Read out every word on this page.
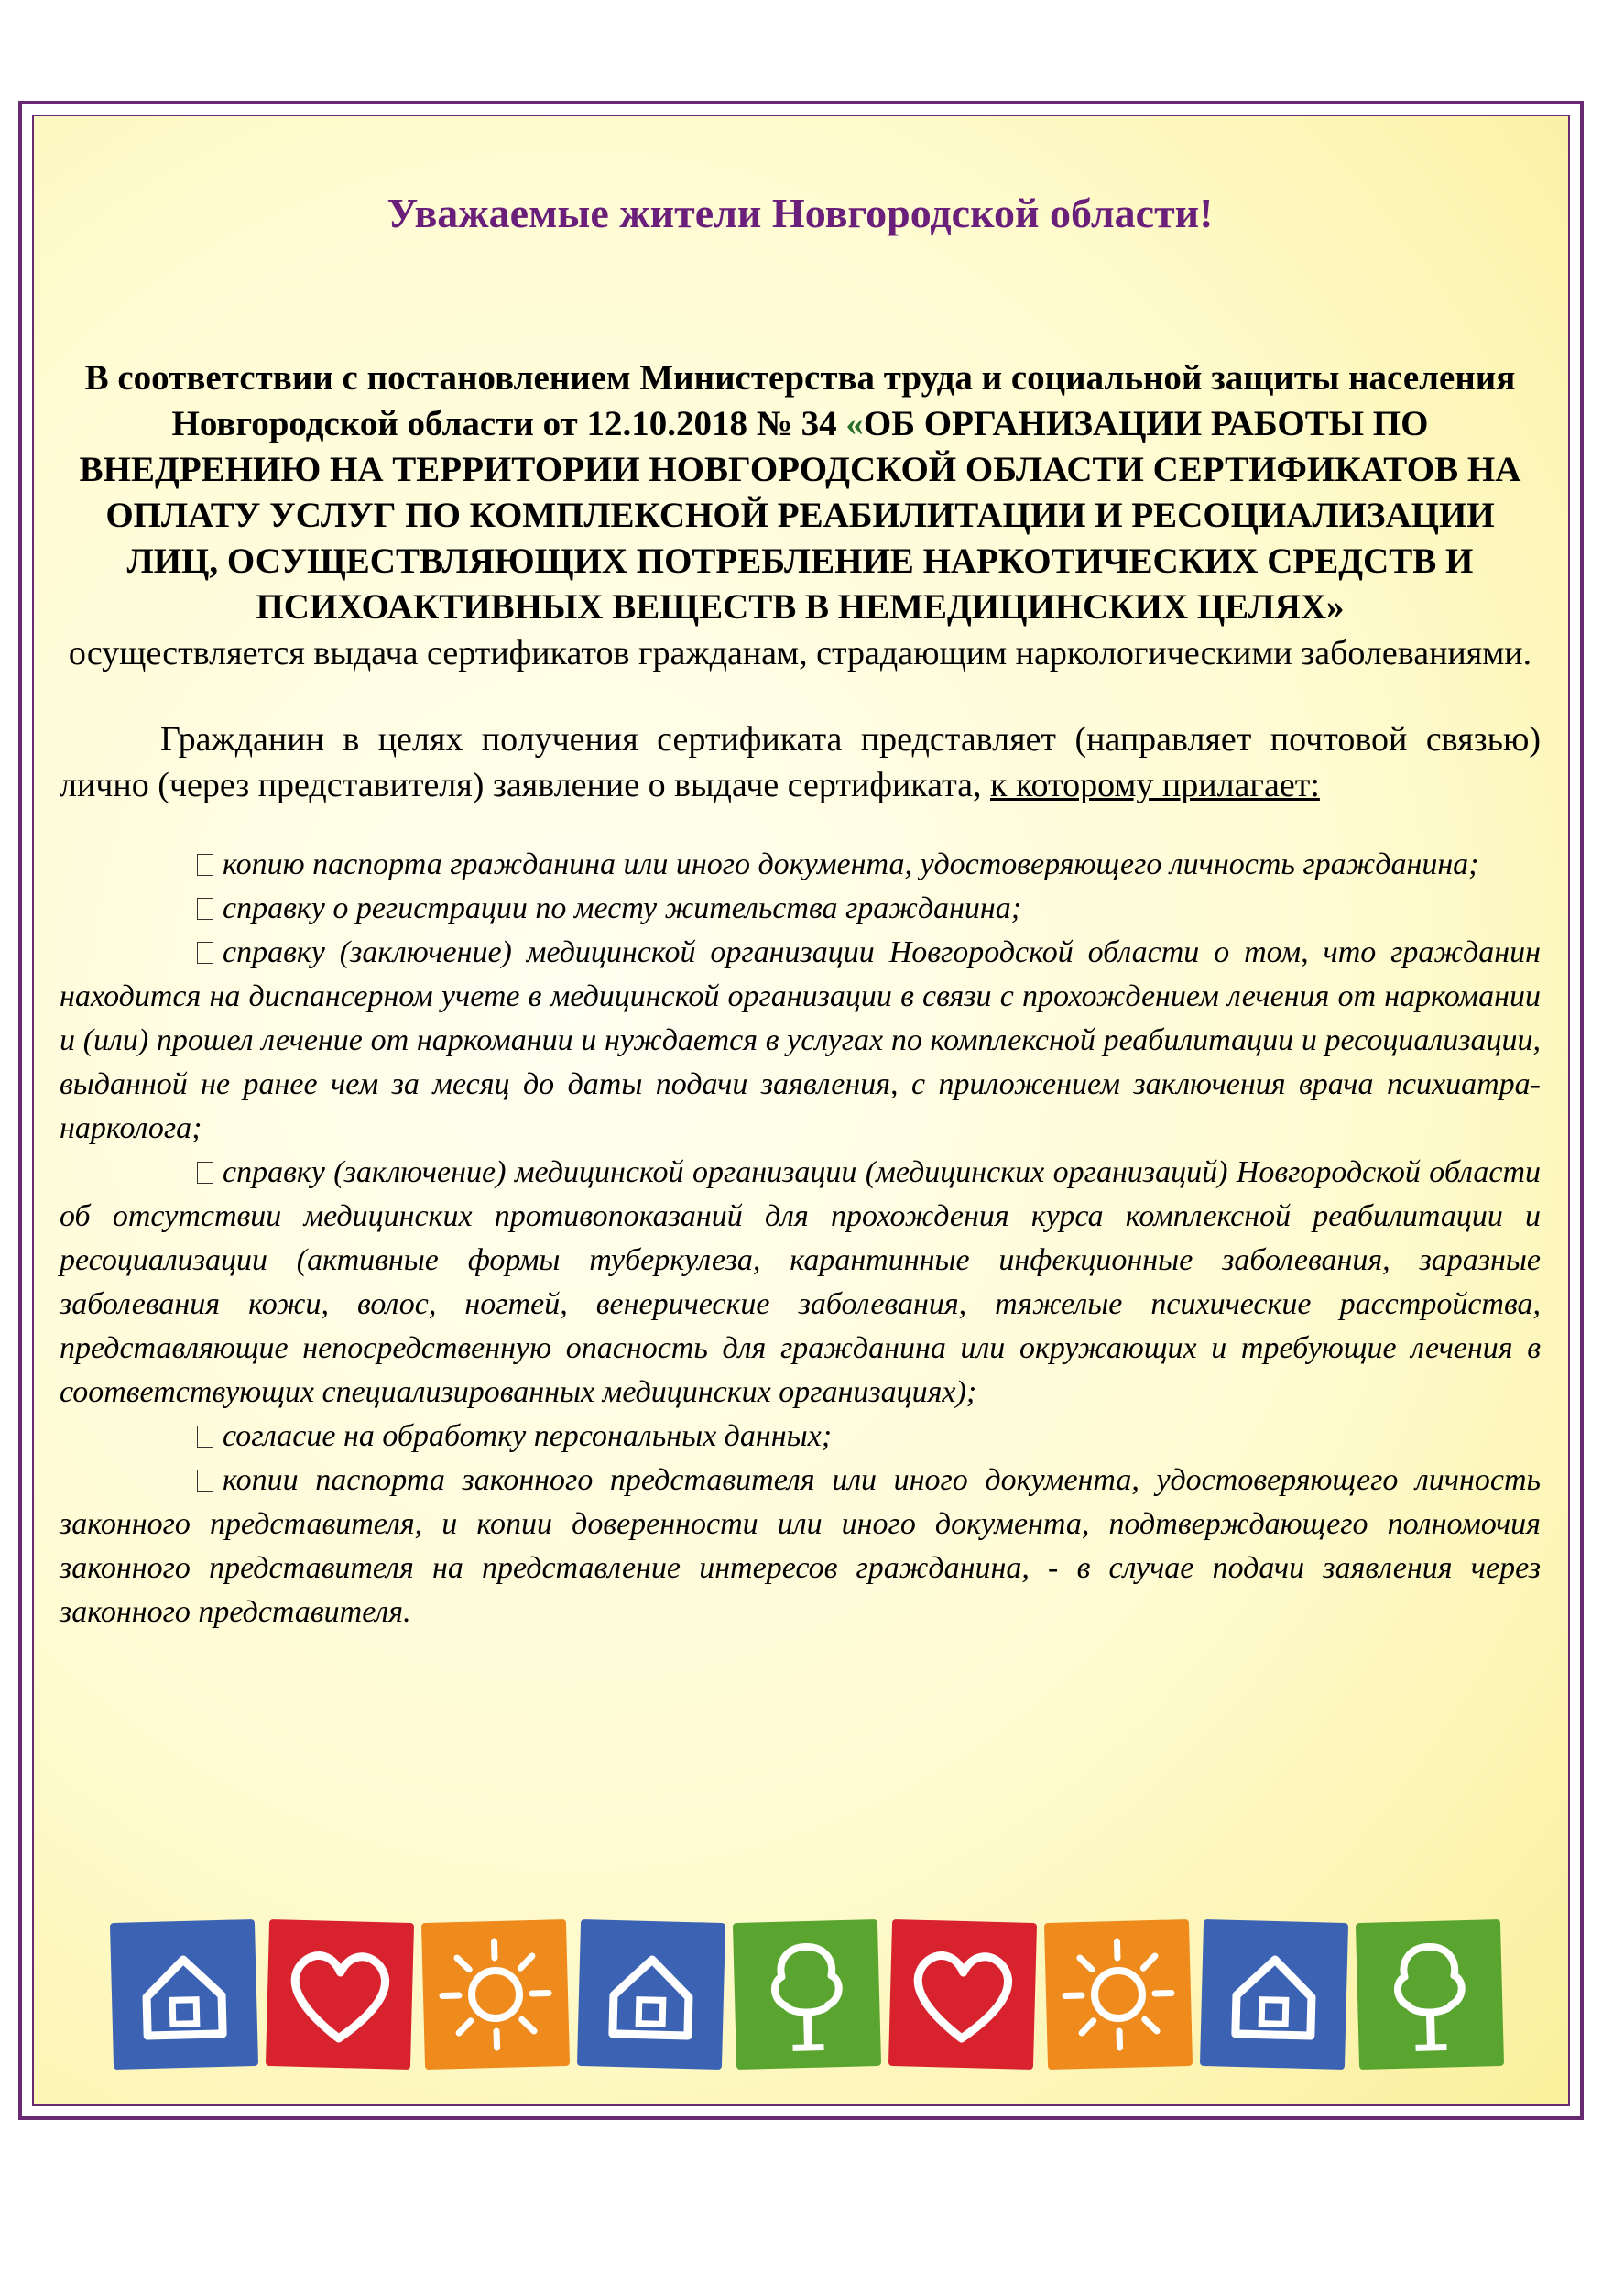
Уважаемые жители Новгородской области!
В соответствии с постановлением Министерства труда и социальной защиты населения Новгородской области от 12.10.2018 № 34 «ОБ ОРГАНИЗАЦИИ РАБОТЫ ПО ВНЕДРЕНИЮ НА ТЕРРИТОРИИ НОВГОРОДСКОЙ ОБЛАСТИ СЕРТИФИКАТОВ НА ОПЛАТУ УСЛУГ ПО КОМПЛЕКСНОЙ РЕАБИЛИТАЦИИ И РЕСОЦИАЛИЗАЦИИ ЛИЦ, ОСУЩЕСТВЛЯЮЩИХ ПОТРЕБЛЕНИЕ НАРКОТИЧЕСКИХ СРЕДСТВ И ПСИХОАКТИВНЫХ ВЕЩЕСТВ В НЕМЕДИЦИНСКИХ ЦЕЛЯХ»
осуществляется выдача сертификатов гражданам, страдающим наркологическими заболеваниями.

Гражданин в целях получения сертификата представляет (направляет почтовой связью) лично (через представителя) заявление о выдаче сертификата, к которому прилагает:

копию паспорта гражданина или иного документа, удостоверяющего личность гражданина;

справку о регистрации по месту жительства гражданина;

справку (заключение) медицинской организации Новгородской области о том, что гражданин находится на диспансерном учете в медицинской организации в связи с прохождением лечения от наркомании и (или) прошел лечение от наркомании и нуждается в услугах по комплексной реабилитации и ресоциализации, выданной не ранее чем за месяц до даты подачи заявления, с приложением заключения врача психиатра-нарколога;

справку (заключение) медицинской организации (медицинских организаций) Новгородской области об отсутствии медицинских противопоказаний для прохождения курса комплексной реабилитации и ресоциализации (активные формы туберкулеза, карантинные инфекционные заболевания, заразные заболевания кожи, волос, ногтей, венерические заболевания, тяжелые психические расстройства, представляющие непосредственную опасность для гражданина или окружающих и требующие лечения в соответствующих специализированных медицинских организациях);

согласие на обработку персональных данных;

копии паспорта законного представителя или иного документа, удостоверяющего личность законного представителя, и копии доверенности или иного документа, подтверждающего полномочия законного представителя на представление интересов гражданина, - в случае подачи заявления через законного представителя.
